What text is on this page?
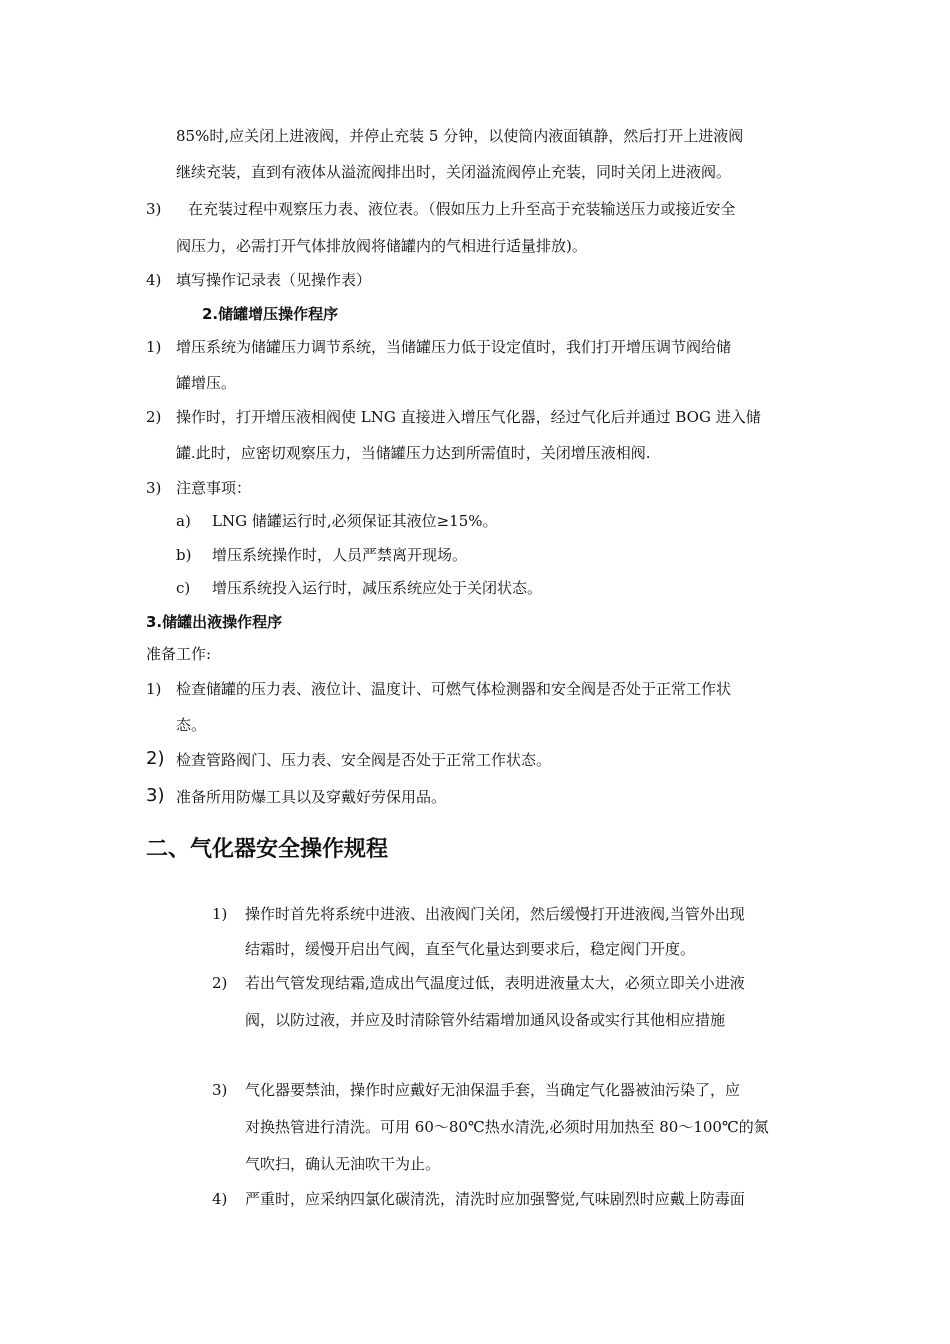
85%时,应关闭上进液阀，并停止充装 5 分钟，以使筒内液面镇静，然后打开上进液阀
继续充装，直到有液体从溢流阀排出时，关闭溢流阀停止充装，同时关闭上进液阀。
3) 在充装过程中观察压力表、液位表。（假如压力上升至高于充装输送压力或接近安全
阀压力，必需打开气体排放阀将储罐内的气相进行适量排放)。
4) 填写操作记录表（见操作表）
2.储罐增压操作程序
1) 增压系统为储罐压力调节系统，当储罐压力低于设定值时，我们打开增压调节阀给储
罐增压。
2) 操作时，打开增压液相阀使 LNG 直接进入增压气化器，经过气化后并通过 BOG 进入储
罐.此时，应密切观察压力，当储罐压力达到所需值时，关闭增压液相阀.
3) 注意事项：
a) LNG 储罐运行时,必须保证其液位≥15%。
b) 增压系统操作时，人员严禁离开现场。
c) 增压系统投入运行时，减压系统应处于关闭状态。
3.储罐出液操作程序
准备工作:
1) 检查储罐的压力表、液位计、温度计、可燃气体检测器和安全阀是否处于正常工作状
态。
2) 检查管路阀门、压力表、安全阀是否处于正常工作状态。
3) 准备所用防爆工具以及穿戴好劳保用品。
二、气化器安全操作规程
1) 操作时首先将系统中进液、出液阀门关闭，然后缓慢打开进液阀,当管外出现
结霜时，缓慢开启出气阀，直至气化量达到要求后，稳定阀门开度。
2) 若出气管发现结霜,造成出气温度过低，表明进液量太大，必须立即关小进液
阀，以防过液，并应及时清除管外结霜增加通风设备或实行其他相应措施
3) 气化器要禁油，操作时应戴好无油保温手套，当确定气化器被油污染了，应
对换热管进行清洗。可用 60～80℃热水清洗,必须时用加热至 80～100℃的氮
气吹扫，确认无油吹干为止。
4) 严重时，应采纳四氯化碳清洗，清洗时应加强警觉,气味剧烈时应戴上防毒面
